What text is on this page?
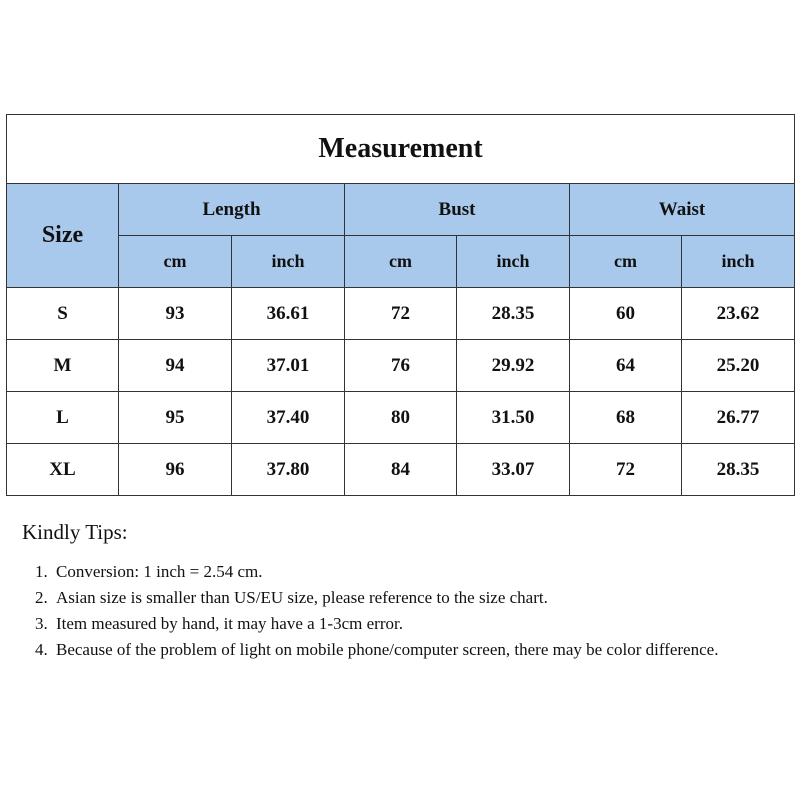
Measurement						
Size	Length		Bust		Waist	
	cm	inch	cm	inch	cm	inch
S	93	36.61	72	28.35	60	23.62
M	94	37.01	76	29.92	64	25.20
L	95	37.40	80	31.50	68	26.77
XL	96	37.80	84	33.07	72	28.35
Kindly Tips:
1. Conversion: 1 inch = 2.54 cm.
2. Asian size is smaller than US/EU size, please reference to the size chart.
3. Item measured by hand, it may have a 1-3cm error.
4. Because of the problem of light on mobile phone/computer screen, there may be color difference.
